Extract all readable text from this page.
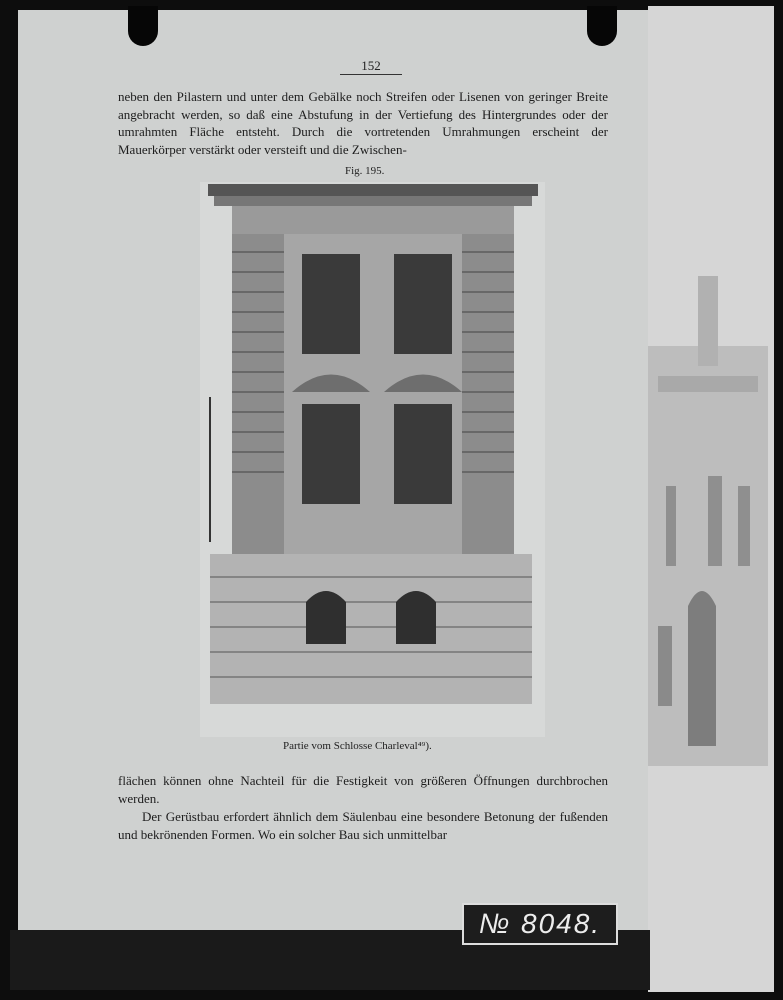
152
neben den Pilastern und unter dem Gebälke noch Streifen oder Lisenen von geringer Breite angebracht werden, so daß eine Abstufung in der Vertiefung des Hintergrundes oder der umrahmten Fläche entsteht. Durch die vortretenden Umrahmungen erscheint der Mauerkörper verstärkt oder versteift und die Zwischen-
Fig. 195.
Partie vom Schlosse Charleval⁴⁹).
flächen können ohne Nachteil für die Festigkeit von größeren Öffnungen durchbrochen werden.
Der Gerüstbau erfordert ähnlich dem Säulenbau eine besondere Betonung der fußenden und bekrönenden Formen. Wo ein solcher Bau sich unmittelbar
№ 8048.
